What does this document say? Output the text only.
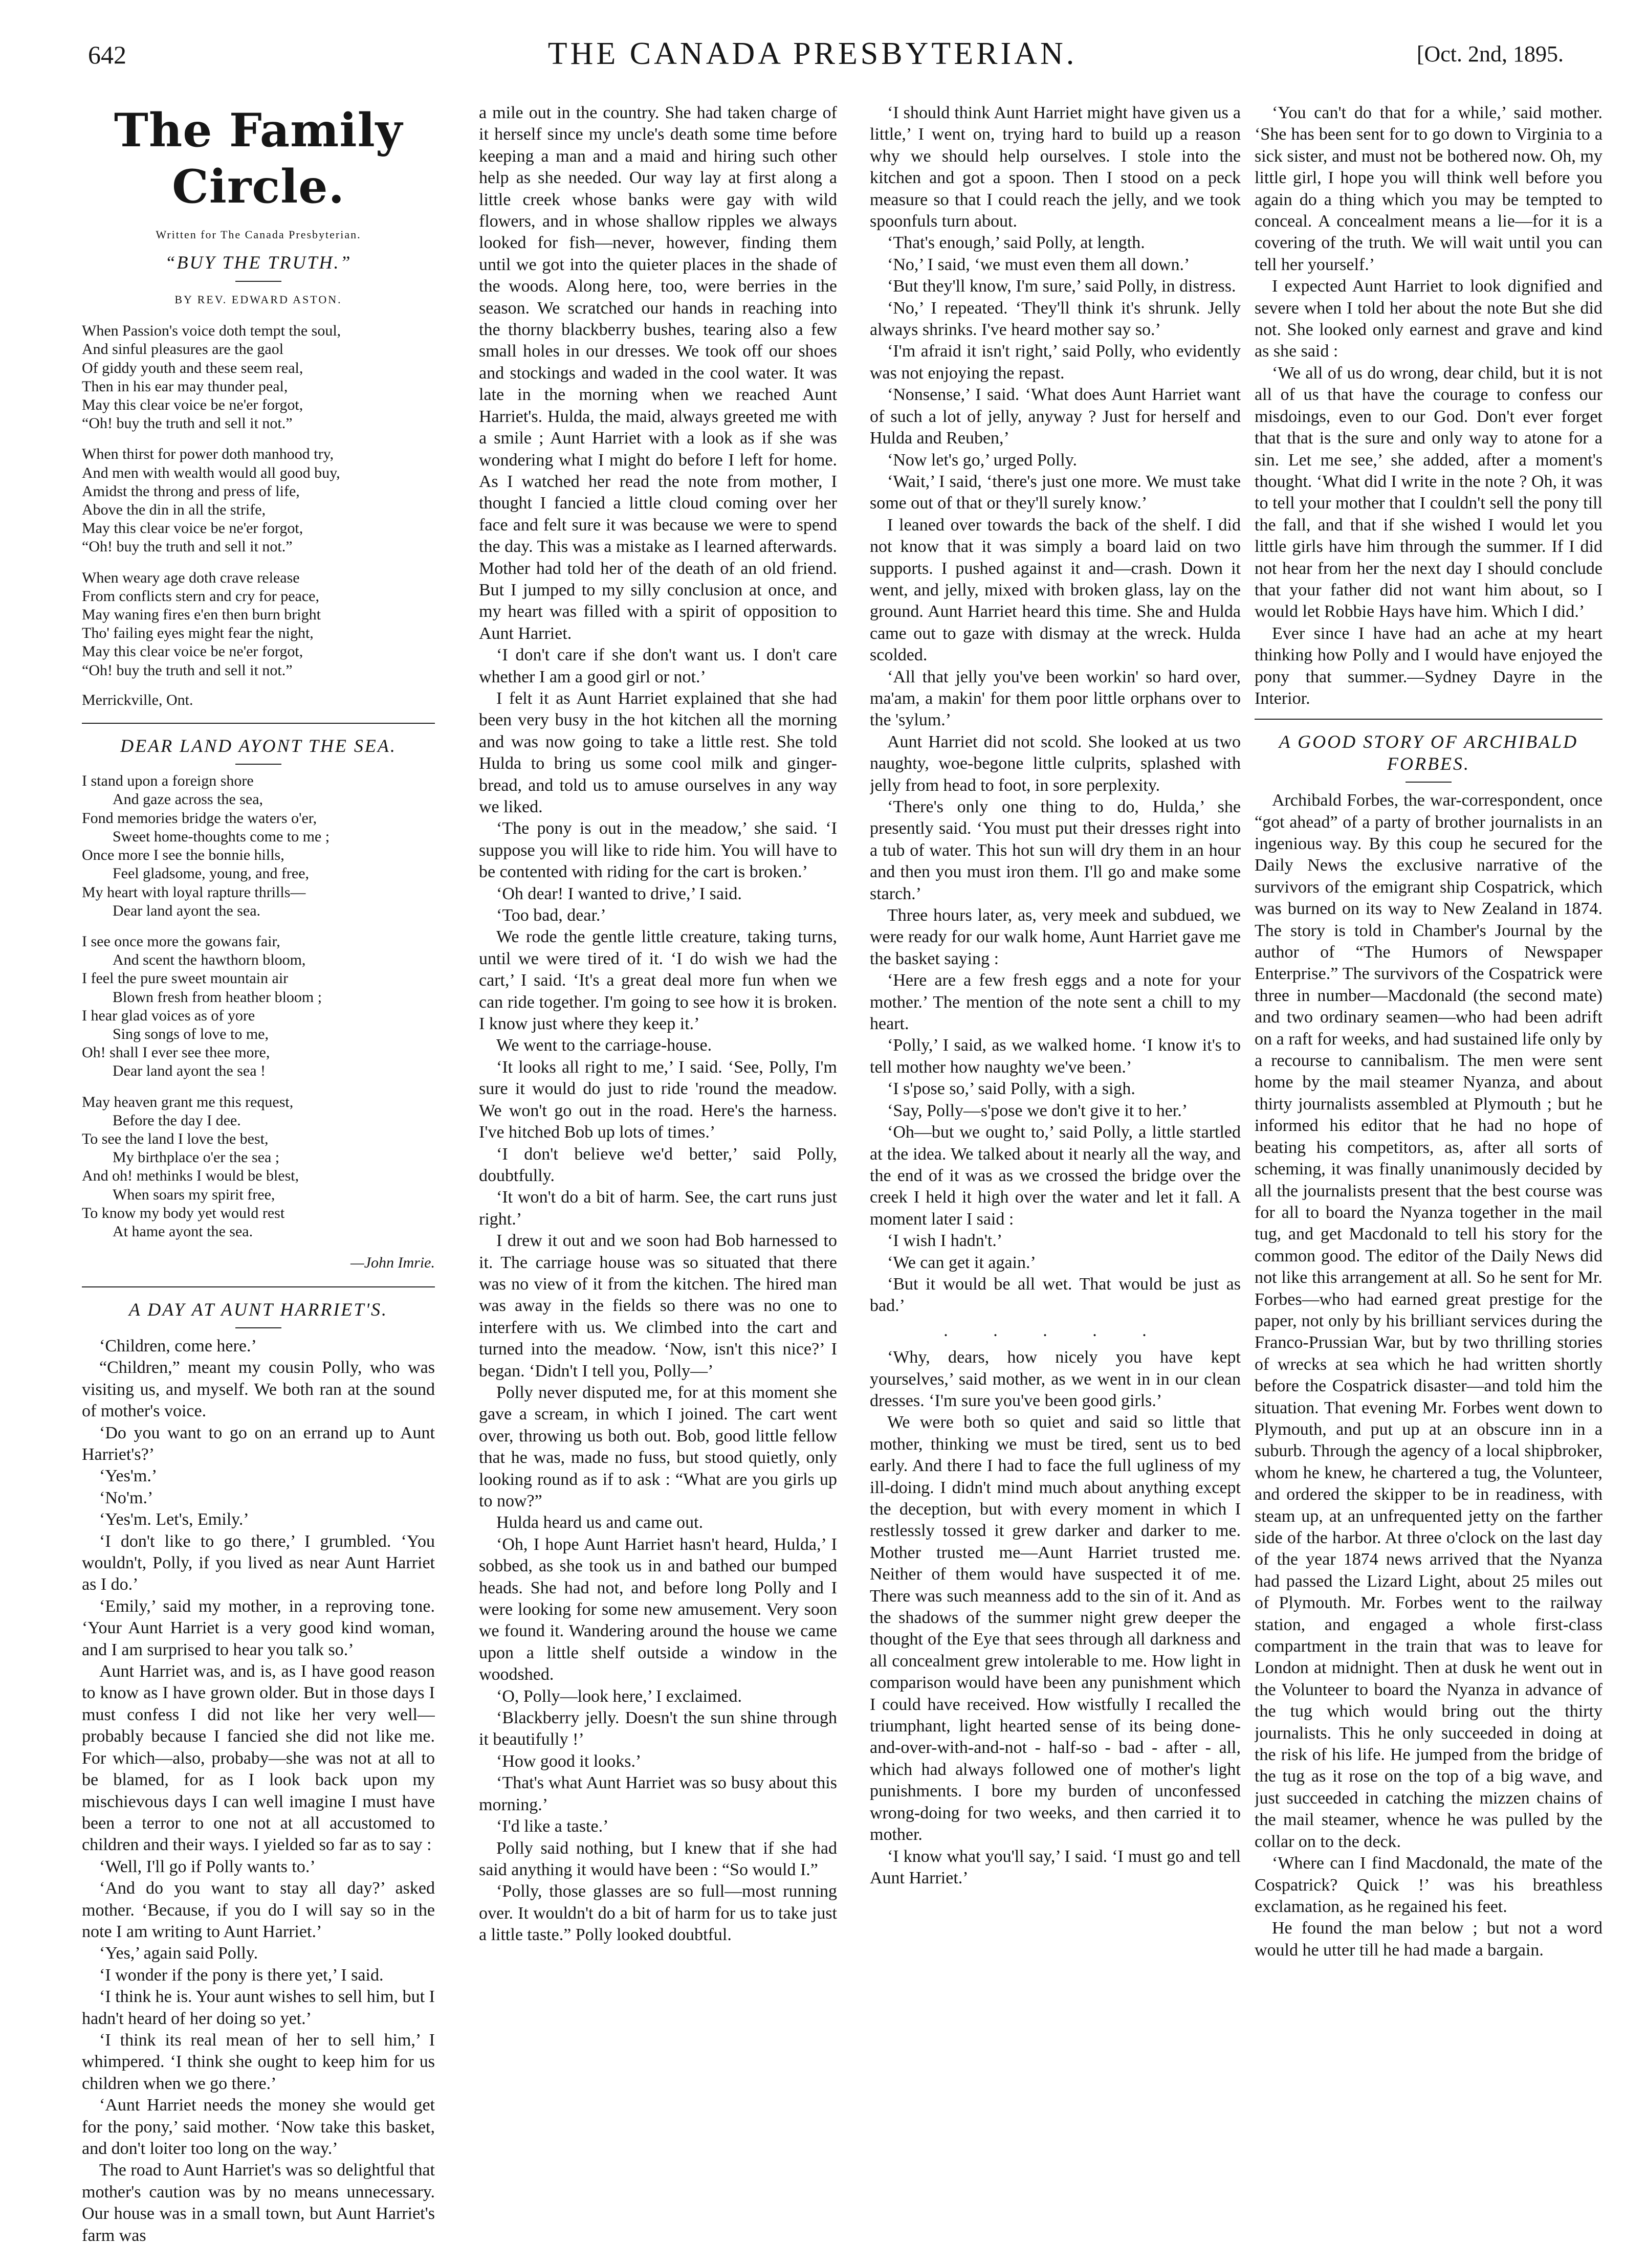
642	THE CANADA PRESBYTERIAN.	[Oct. 2nd, 1895.
The Family Circle.
Written for The Canada Presbyterian.
“BUY THE TRUTH.”
BY REV. EDWARD ASTON.
When Passion's voice doth tempt the soul,
And sinful pleasures are the gaol
Of giddy youth and these seem real,
Then in his ear may thunder peal,
May this clear voice be ne'er forgot,
“Oh! buy the truth and sell it not.”
When thirst for power doth manhood try,
And men with wealth would all good buy,
Amidst the throng and press of life,
Above the din in all the strife,
May this clear voice be ne'er forgot,
“Oh! buy the truth and sell it not.”
When weary age doth crave release
From conflicts stern and cry for peace,
May waning fires e'en then burn bright
Tho' failing eyes might fear the night,
May this clear voice be ne'er forgot,
“Oh! buy the truth and sell it not.”
Merrickville, Ont.
DEAR LAND AYONT THE SEA.
I stand upon a foreign shore
And gaze across the sea,
Fond memories bridge the waters o'er,
Sweet home-thoughts come to me ;
Once more I see the bonnie hills,
Feel gladsome, young, and free,
My heart with loyal rapture thrills—
Dear land ayont the sea.
I see once more the gowans fair,
And scent the hawthorn bloom,
I feel the pure sweet mountain air
Blown fresh from heather bloom ;
I hear glad voices as of yore
Sing songs of love to me,
Oh! shall I ever see thee more,
Dear land ayont the sea !
May heaven grant me this request,
Before the day I dee.
To see the land I love the best,
My birthplace o'er the sea ;
And oh! methinks I would be blest,
When soars my spirit free,
To know my body yet would rest
At hame ayont the sea.
—John Imrie.
A DAY AT AUNT HARRIET'S.

‘Children, come here.’

“Children,” meant my cousin Polly, who was visiting us, and myself. We both ran at the sound of mother's voice.

‘Do you want to go on an errand up to Aunt Harriet's?’

‘Yes'm.’

‘No'm.’

‘Yes'm. Let's, Emily.’

‘I don't like to go there,’ I grumbled. ‘You wouldn't, Polly, if you lived as near Aunt Harriet as I do.’

‘Emily,’ said my mother, in a reproving tone. ‘Your Aunt Harriet is a very good kind woman, and I am surprised to hear you talk so.’

Aunt Harriet was, and is, as I have good reason to know as I have grown older. But in those days I must confess I did not like her very well—probably because I fancied she did not like me. For which—also, probaby—she was not at all to be blamed, for as I look back upon my mischievous days I can well imagine I must have been a terror to one not at all accustomed to children and their ways. I yielded so far as to say :

‘Well, I'll go if Polly wants to.’

‘And do you want to stay all day?’ asked mother. ‘Because, if you do I will say so in the note I am writing to Aunt Harriet.’

‘Yes,’ again said Polly.

‘I wonder if the pony is there yet,’ I said.

‘I think he is. Your aunt wishes to sell him, but I hadn't heard of her doing so yet.’

‘I think its real mean of her to sell him,’ I whimpered. ‘I think she ought to keep him for us children when we go there.’

‘Aunt Harriet needs the money she would get for the pony,’ said mother. ‘Now take this basket, and don't loiter too long on the way.’

The road to Aunt Harriet's was so delightful that mother's caution was by no means unnecessary. Our house was in a small town, but Aunt Harriet's farm was

a mile out in the country. She had taken charge of it herself since my uncle's death some time before keeping a man and a maid and hiring such other help as she needed. Our way lay at first along a little creek whose banks were gay with wild flowers, and in whose shallow ripples we always looked for fish—never, however, finding them until we got into the quieter places in the shade of the woods. Along here, too, were berries in the season. We scratched our hands in reaching into the thorny blackberry bushes, tearing also a few small holes in our dresses. We took off our shoes and stockings and waded in the cool water. It was late in the morning when we reached Aunt Harriet's. Hulda, the maid, always greeted me with a smile ; Aunt Harriet with a look as if she was wondering what I might do before I left for home. As I watched her read the note from mother, I thought I fancied a little cloud coming over her face and felt sure it was because we were to spend the day. This was a mistake as I learned afterwards. Mother had told her of the death of an old friend. But I jumped to my silly conclusion at once, and my heart was filled with a spirit of opposition to Aunt Harriet.

‘I don't care if she don't want us. I don't care whether I am a good girl or not.’

I felt it as Aunt Harriet explained that she had been very busy in the hot kitchen all the morning and was now going to take a little rest. She told Hulda to bring us some cool milk and ginger-bread, and told us to amuse ourselves in any way we liked.

‘The pony is out in the meadow,’ she said. ‘I suppose you will like to ride him. You will have to be contented with riding for the cart is broken.’

‘Oh dear! I wanted to drive,’ I said.

‘Too bad, dear.’

We rode the gentle little creature, taking turns, until we were tired of it. ‘I do wish we had the cart,’ I said. ‘It's a great deal more fun when we can ride together. I'm going to see how it is broken. I know just where they keep it.’

We went to the carriage-house.

‘It looks all right to me,’ I said. ‘See, Polly, I'm sure it would do just to ride 'round the meadow. We won't go out in the road. Here's the harness. I've hitched Bob up lots of times.’

‘I don't believe we'd better,’ said Polly, doubtfully.

‘It won't do a bit of harm. See, the cart runs just right.’

I drew it out and we soon had Bob harnessed to it. The carriage house was so situated that there was no view of it from the kitchen. The hired man was away in the fields so there was no one to interfere with us. We climbed into the cart and turned into the meadow. ‘Now, isn't this nice?’ I began. ‘Didn't I tell you, Polly—’

Polly never disputed me, for at this moment she gave a scream, in which I joined. The cart went over, throwing us both out. Bob, good little fellow that he was, made no fuss, but stood quietly, only looking round as if to ask : “What are you girls up to now?”

Hulda heard us and came out.

‘Oh, I hope Aunt Harriet hasn't heard, Hulda,’ I sobbed, as she took us in and bathed our bumped heads. She had not, and before long Polly and I were looking for some new amusement. Very soon we found it. Wandering around the house we came upon a little shelf outside a window in the woodshed.

‘O, Polly—look here,’ I exclaimed.

‘Blackberry jelly. Doesn't the sun shine through it beautifully !’

‘How good it looks.’

‘That's what Aunt Harriet was so busy about this morning.’

‘I'd like a taste.’

Polly said nothing, but I knew that if she had said anything it would have been : “So would I.”

‘Polly, those glasses are so full—most running over. It wouldn't do a bit of harm for us to take just a little taste.” Polly looked doubtful.

‘I should think Aunt Harriet might have given us a little,’ I went on, trying hard to build up a reason why we should help ourselves. I stole into the kitchen and got a spoon. Then I stood on a peck measure so that I could reach the jelly, and we took spoonfuls turn about.

‘That's enough,’ said Polly, at length.

‘No,’ I said, ‘we must even them all down.’

‘But they'll know, I'm sure,’ said Polly, in distress.

‘No,’ I repeated. ‘They'll think it's shrunk. Jelly always shrinks. I've heard mother say so.’

‘I'm afraid it isn't right,’ said Polly, who evidently was not enjoying the repast.

‘Nonsense,’ I said. ‘What does Aunt Harriet want of such a lot of jelly, anyway ? Just for herself and Hulda and Reuben,’

‘Now let's go,’ urged Polly.

‘Wait,’ I said, ‘there's just one more. We must take some out of that or they'll surely know.’

I leaned over towards the back of the shelf. I did not know that it was simply a board laid on two supports. I pushed against it and—crash. Down it went, and jelly, mixed with broken glass, lay on the ground. Aunt Harriet heard this time. She and Hulda came out to gaze with dismay at the wreck. Hulda scolded.

‘All that jelly you've been workin' so hard over, ma'am, a makin' for them poor little orphans over to the 'sylum.’

Aunt Harriet did not scold. She looked at us two naughty, woe-begone little culprits, splashed with jelly from head to foot, in sore perplexity.

‘There's only one thing to do, Hulda,’ she presently said. ‘You must put their dresses right into a tub of water. This hot sun will dry them in an hour and then you must iron them. I'll go and make some starch.’

Three hours later, as, very meek and subdued, we were ready for our walk home, Aunt Harriet gave me the basket saying :

‘Here are a few fresh eggs and a note for your mother.’ The mention of the note sent a chill to my heart.

‘Polly,’ I said, as we walked home. ‘I know it's to tell mother how naughty we've been.’

‘I s'pose so,’ said Polly, with a sigh.

‘Say, Polly—s'pose we don't give it to her.’

‘Oh—but we ought to,’ said Polly, a little startled at the idea. We talked about it nearly all the way, and the end of it was as we crossed the bridge over the creek I held it high over the water and let it fall. A moment later I said :

‘I wish I hadn't.’

‘We can get it again.’

‘But it would be all wet. That would be just as bad.’

. . . . .

‘Why, dears, how nicely you have kept yourselves,’ said mother, as we went in in our clean dresses. ‘I'm sure you've been good girls.’

We were both so quiet and said so little that mother, thinking we must be tired, sent us to bed early. And there I had to face the full ugliness of my ill-doing. I didn't mind much about anything except the deception, but with every moment in which I restlessly tossed it grew darker and darker to me. Mother trusted me—Aunt Harriet trusted me. Neither of them would have suspected it of me. There was such meanness add to the sin of it. And as the shadows of the summer night grew deeper the thought of the Eye that sees through all darkness and all concealment grew intolerable to me. How light in comparison would have been any punishment which I could have received. How wistfully I recalled the triumphant, light hearted sense of its being done-and-over-with-and-not - half-so - bad - after - all, which had always followed one of mother's light punishments. I bore my burden of unconfessed wrong-doing for two weeks, and then carried it to mother.

‘I know what you'll say,’ I said. ‘I must go and tell Aunt Harriet.’

‘You can't do that for a while,’ said mother. ‘She has been sent for to go down to Virginia to a sick sister, and must not be bothered now. Oh, my little girl, I hope you will think well before you again do a thing which you may be tempted to conceal. A concealment means a lie—for it is a covering of the truth. We will wait until you can tell her yourself.’

I expected Aunt Harriet to look dignified and severe when I told her about the note But she did not. She looked only earnest and grave and kind as she said :

‘We all of us do wrong, dear child, but it is not all of us that have the courage to confess our misdoings, even to our God. Don't ever forget that that is the sure and only way to atone for a sin. Let me see,’ she added, after a moment's thought. ‘What did I write in the note ? Oh, it was to tell your mother that I couldn't sell the pony till the fall, and that if she wished I would let you little girls have him through the summer. If I did not hear from her the next day I should conclude that your father did not want him about, so I would let Robbie Hays have him. Which I did.’

Ever since I have had an ache at my heart thinking how Polly and I would have enjoyed the pony that summer.—Sydney Dayre in the Interior.

A GOOD STORY OF ARCHIBALD FORBES.

Archibald Forbes, the war-correspondent, once “got ahead” of a party of brother journalists in an ingenious way. By this coup he secured for the Daily News the exclusive narrative of the survivors of the emigrant ship Cospatrick, which was burned on its way to New Zealand in 1874. The story is told in Chamber's Journal by the author of “The Humors of Newspaper Enterprise.” The survivors of the Cospatrick were three in number—Macdonald (the second mate) and two ordinary seamen—who had been adrift on a raft for weeks, and had sustained life only by a recourse to cannibalism. The men were sent home by the mail steamer Nyanza, and about thirty journalists assembled at Plymouth ; but he informed his editor that he had no hope of beating his competitors, as, after all sorts of scheming, it was finally unanimously decided by all the journalists present that the best course was for all to board the Nyanza together in the mail tug, and get Macdonald to tell his story for the common good. The editor of the Daily News did not like this arrangement at all. So he sent for Mr. Forbes—who had earned great prestige for the paper, not only by his brilliant services during the Franco-Prussian War, but by two thrilling stories of wrecks at sea which he had written shortly before the Cospatrick disaster—and told him the situation. That evening Mr. Forbes went down to Plymouth, and put up at an obscure inn in a suburb. Through the agency of a local shipbroker, whom he knew, he chartered a tug, the Volunteer, and ordered the skipper to be in readiness, with steam up, at an unfrequented jetty on the farther side of the harbor. At three o'clock on the last day of the year 1874 news arrived that the Nyanza had passed the Lizard Light, about 25 miles out of Plymouth. Mr. Forbes went to the railway station, and engaged a whole first-class compartment in the train that was to leave for London at midnight. Then at dusk he went out in the Volunteer to board the Nyanza in advance of the tug which would bring out the thirty journalists. This he only succeeded in doing at the risk of his life. He jumped from the bridge of the tug as it rose on the top of a big wave, and just succeeded in catching the mizzen chains of the mail steamer, whence he was pulled by the collar on to the deck.

‘Where can I find Macdonald, the mate of the Cospatrick? Quick !’ was his breathless exclamation, as he regained his feet.

He found the man below ; but not a word would he utter till he had made a bargain.
